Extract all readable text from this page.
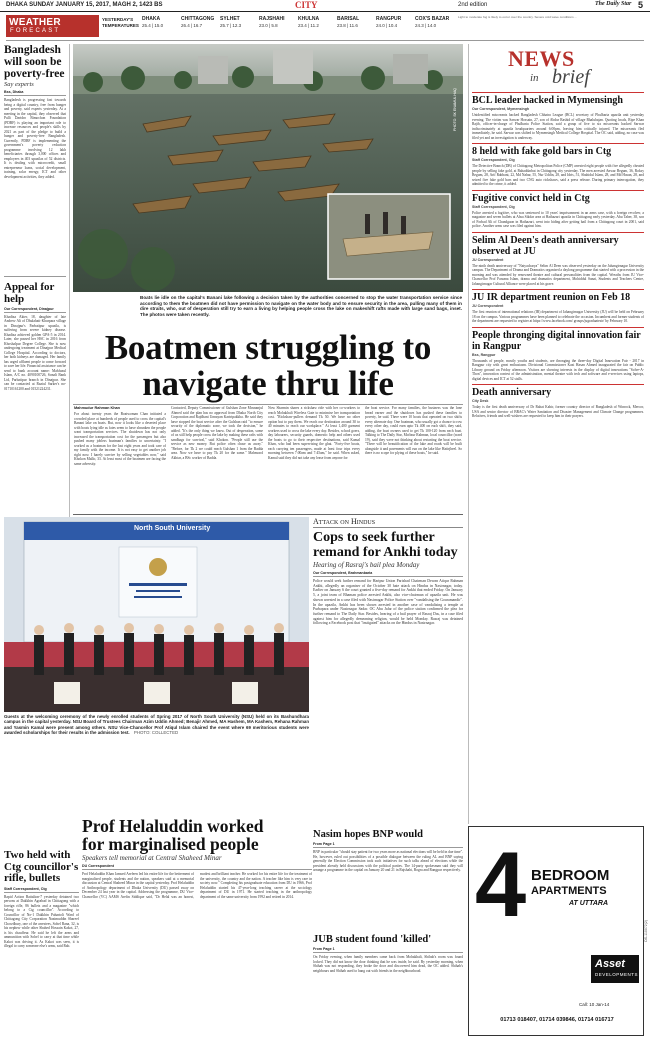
DHAKA SUNDAY JANUARY 15, 2017, MAGH 2, 1423 BS	CITY	2nd edition	The Daily Star 5
WEATHER
FORECAST
YESTERDAY'S
TEMPERATURES
DHAKA
25.4 | 15.0
CHITTAGONG
26.4 | 16.7
SYLHET
25.7 | 12.3
RAJSHAHI
23.0 | 5.8
KHULNA
23.4 | 11.2
BARISAL
23.8 | 11.6
RANGPUR
24.0 | 10.4
COX'S BAZAR
24.3 | 14.0
Light to moderate fog is likely to occur over the country. Severe cold wave conditions ...
Bangladesh will soon be poverty-free
Say experts
Bss, Dhaka
Bangladesh is progressing fast towards being a digital country, free from hunger and poverty, said experts yesterday. At a meeting in the capital, they observed that Palli Daridro Bimochon Foundation (PDBF) is playing an important role to increase resources and people's skills by 2021 as part of the pledge to build a hunger and poverty-free Bangladesh. Currently, PDBF is implementing the government's poverty reduction programme involving 12 lakh beneficiaries through 3,000 offices and employees in 403 upazilas of 52 districts. It is dealing with microcredit, small entrepreneur loans, social development, training, solar energy, ICT and other development activities, they added.
Appeal for help
Our Correspondent, Dinajpur
Khadiza Akter, 18, daughter of late Andrew Ali of Dhulahati-Khurpara village in Dinajpur's Parbatipur upazila, is suffering from severe kidney disease. Khadiza achieved golden GPA-5 in 2014. Later, she passed her HSC in 2016 from Khoshalpur Degree College. She is now undergoing treatment at Dinajpur Medical College Hospital. According to doctors, her both kidneys are damaged. Her family has urged affluent people to come forward to save her life. Financial assistance can be send to bank account name: Mahfuzul Islam, A/C no. 4090100726, Sonali Bank Ltd, Parbatipur branch in Dinajpur. She can be contacted at Raziul Sarker's no- 01710161200 and 01521224231.
Two held with Ctg councillor's rifle, bullets
Staff Correspondent, Ctg
Rapid Action Battalion-7 yesterday detained two persons at Dakkhin Agrabad in Chittagong with a foreign rifle, 86 bullets and a magazine "which belong to a Ctg councillor". According to Councillor of No-1 Dakkhin Pahartoli Ward of Chittagong City Corporation Nazimuddin Shareef Chowdhury, one of the arrestees, Sohel Rana, 32, is his nephew while other Shahed Hossain Kakot, 27, is his chauffeur. He said he left the arms and ammunition with Sohel to carry at that time while Kakot was driving it. As Kakot was seen, it is illegal to carry someone else's arms, said Rab.
PHOTO: SK ENAMUL HAQ
Boats lie idle on the capital's Banani lake following a decision taken by the authorities concerned to stop the water transportation service since according to them the boatmen did not have permission to navigate on the water body and to ensure security in the area, pulling many of them in dire straits, who, out of desperation still try to earn a living by helping people cross the lake on makeshift rafts made with large sand bags, inset. The photos were taken recently.
Boatmen struggling to
navigate thru life
Mahmudur Rahman Khan
For about twenty years the Boatwoman Chan initiated a crowded place at hundreds of people used to cross the capital's Banani lake on boats. But, now it looks like a deserted place with boats lying idle as fates seem to have shrunken the people want transportation services. The shutdown has not only increased the transportation cost for the passengers but also pushed many jobless boatman's families to uncertainty. "I worked as a boatman for the last eight years and took care of my family with the income. It is not easy to get another job right now. I barely survive by selling vegetables now," said Khokon Mallo, 33. At least most of the boatmen are facing the same adversity.
Contacted, Deputy Commissioner of Gulshan Zone Mosnanjul Ahmed said the plan has no approval from Dhaka North City Corporation and Rajdhani Unnayan Kartripakkha. He said they have stopped the boat service after the Gulshan raid "to ensure security of the diplomatic zone, we took the decision," he added. "It's the only thing we know. Out of desperation, some of us still help people cross the lake by making these rafts with sandbags for survival," said Khokon. "People still use the service as new money. But police often chase us away." "Before, for Tk 2 we could reach Gulshan 1 from the Badda area. Now we have to pay Tk 20 for the same." Mahmood Akhtar, a BSc worker of Badda.
Now Sharmin shares a rickshaw ride with her co-workers to reach Mohakhali Wireless Gate to minimise her transportation cost. "Rickshaw-pullers demand Tk 50. We have no other option but to pay them. We reach our destination around 30 to 40 minutes to reach our workplace." At least 1,400 garment workers used to cross the lake every day. Besides, school goers, day labourers, security guards, domestic help and others used the boats to go to their respective destinations, said Kamal Khan, who had been supervising the ghat. "Forty-five boats, each carrying ten passengers, made at least four trips every morning between 7:00am and 7:45am," he said. When asked, Kamal said they did not take any lease from anyone for
the boat service. For many families, the business was the lone bread earner and the shutdown has pushed these families to poverty, he said. There were 10 boats that operated on two shifts every alternate day. One boatman, who usually got a chance to row every other day, could earn upto Tk 400 on each shift, they said, adding, the boat owners used to get Tk 100-120 from each boat. Talking to The Daily Star, Mofizur Rahman, local councillor (ward 19), said they were not thinking about restarting the boat service. "There will be beautification of the lake and roads will be built alongside it and pavements will run on the lake like Hatirjheel. So there is no scope for plying of these boats," he said.
North South University
Guests at the welcoming ceremony of the newly enrolled students of Spring 2017 of North South University (NSU) held on its Bashundhara campus in the capital yesterday. NSU Board of Trustees Chairman Azim Uddin Ahmed; Benajir Ahmed, MA Hashem, MA Kashem, Rehana Rahman and Yasmin Kamal were present among others. NSU Vice-Chancellor Prof Atiqul Islam chaired the event where 69 meritorious students were awarded scholarships for their results in the admission test. PHOTO: COLLECTED
Attack on Hindus
Cops to seek further remand for Ankhi today
Hearing of Rasraj's bail plea Monday
Our Correspondent, Brahmanbaria
Police would seek further remand for Haripur Union Parishad Chairman Dewan Atiqur Rahman Ankhi, allegedly an organiser of the October 30 hate attack on Hindus in Nasirnagar, today. Earlier on January 6 the court granted a five-day remand for Ankhi that ended Friday. On January 5, a joint team of Bhaman police arrested Ankhi, also vice-chairman of upazila unit. He was shown arrested in a case filed with Nasirnagar Police Station over "vandalising the Gouramandir". In the upazila, Ankhi has been shown arrested in another case of vandalising a temple at Purbapara under Nasirnagar Sadar. OC Abu Jafar of the police station confirmed the plea for further remand to The Daily Star. Besides, hearing of a bail prayer of Rasraj Das, in a case filed against him for allegedly demeaning religion, would be held Monday. Rasraj was detained following a Facebook post that "instigated" attacks on the Hindus in Nasirnagar.
Prof Helaluddin worked
for marginalised people
Speakers tell memorial at Central Shaheed Minar
DU Correspondent
Prof Helaluddin Khan Jamsed Arefeen led his entire life for the betterment of marginalised people, students and the nation, speakers said at a memorial discussion at Central Shaheed Minar in the capital yesterday. Prof Helaluddin of Anthropology department of Dhaka University (DU) passed away on December 24 last year in the capital. Addressing the programme, DU Vice-Chancellor (VC) AAMS Arefin Siddique said, "Dr Helal was an honest, modest and brilliant teacher. He worked for his entire life for the treatment of the university, the country and the nation. A teacher like him is very rare in society now." Completing his postgraduate education from DU in 1966, Prof Helaluddin started his 47-year-long teaching career at the sociology department of DU in 1971. He started teaching in the anthropology department of the same university from 1992 and retired in 2014.
Nasim hopes BNP would
From Page 1
BNP in particular "should stay patient for two years more as national elections will be held in due time". He, however, ruled out possibilities of a possible dialogue between the ruling AL and BNP saying generally the Election Commission took such initiatives for such talks ahead of elections while the president already held discussions with the political parties. The 14-party spokesman said they will arrange a programme in the capital on January 20 and 21 in Rajshahi, Bogra and Rangpur respectively.
JUB student found 'killed'
From Page 1
On Friday evening, when family members came back from Mohakhali, Shihab's room was found locked. They did not know the door thinking that he was inside, he said. By yesterday morning, when Shihab was not responding, they broke the door and discovered him dead, the OC added. Shihab's neighbours and Shihab used to hang out with friends in the neighbourhood.
NEWS
in brief
BCL leader hacked in Mymensingh
Our Correspondent, Mymensingh
Unidentified miscreants hacked Bangladesh Chhatra League (BCL) secretary of Phulbaria upazila unit yesterday evening. The victim was Sarwar Hossain, 27, son of Abdur Rashid of village Bhaluhajan. Quoting locals, Ripe Khan Rajib, officer-in-charge of Phulbaria Police Station, said a group of five to six miscreants hacked Sarwar indiscriminately at upazila headquarters around 6:00pm, leaving him critically injured. The miscreants fled immediately, he said. Sarwar was shifted to Mymensingh Medical College Hospital. The OC said, adding, no case was filed yet and an investigation is underway.
8 held with fake gold bars in Ctg
Staff Correspondent, Ctg
The Detective Branch (DB) of Chittagong Metropolitan Police (CMP) arrested eight people with five allegedly cheated people by selling fake gold, at Bahaddarhat in Chittagong city yesterday. The men arrested Anwar Begum, 36, Roksy Begum, 28, Arif Rabbani, 22, Md Nahar, 55, Nur Uddin, 28, and Idris, 51, Shahidul Islam, 28, and Md Hasan, 28, and seized five fake gold bars and two CNG auto rickshaws, said a press release. During primary interrogation, they admitted to the crime, it added.
Fugitive convict held in Ctg
Staff Correspondent, Ctg
Police arrested a fugitive, who was sentenced to 10 years' imprisonment in an arms case, with a foreign revolver, a magazine and seven bullets at Ahsa Sikdar area at Hathazari upazila in Chittagong early yesterday. Abu Taher, 38, son of Forhad Ali of Chandgaon in Hathazari, went into hiding after getting bail from a Chittagong court in 2001, said police. Another arms case was filed against him.
Selim Al Deen's death anniversary observed at JU
JU Correspondent
The ninth death anniversary of "Natyacharya" Selim Al Deen was observed yesterday on the Jahangirnagar University campus. The Department of Drama and Dramatics organised a daylong programme that started with a procession in the morning and was attended by renowned theatre and cultural personalities from the capital. Wreaths from JU Vice-Chancellor Prof Farzana Islam, drama and dramatics department, Mohiddul Sanai, Students and Teachers Centre, Jahangirnagar Cultural Alliance were placed at his grave.
JU IR department reunion on Feb 18
JU Correspondent
The first reunion of international relations (IR) department of Jahangirnagar University (JU) will be held on February 18 on the campus. Various programmes have been planned to celebrate the occasion. Incumbent and former students of the department are requested to register at https://www.facebook.com/ groups/jugraduatesir/ by February 10.
People thronging digital innovation fair in Rangpur
Bss, Rangpur
Thousands of people, mostly youths and students, are thronging the three-day Digital Innovation Fair - 2017 in Rangpur city with great enthusiasm. Divisional Commissioner Kazi Hasan Ahmed inaugurated the fair on Public Library ground on Friday afternoon. Visitors are showing interests in the display of digital innovations "Solve-A-Thon", innovation contest of the administration, mental theatre with tech and software and e-services using laptops, digital devices and ICT at 52 stalls.
Death anniversary
City Desk
Today is the first death anniversary of Dr Rahat Kabir, former country director of Bangladesh of Winrock, Mercor, USA and senior director of BRAC's Water Sanitation and Disaster Management and Climate Change programmes. Relatives, friends and well-wishers are requested to keep him in their prayers.
4 BEDROOM
APARTMENTS
AT UTTARA
Asset
DEVELOPMENTS
Call: 10 Jan-14
01713 018407, 01714 039846, 01714 016717
DS-110072(2)
